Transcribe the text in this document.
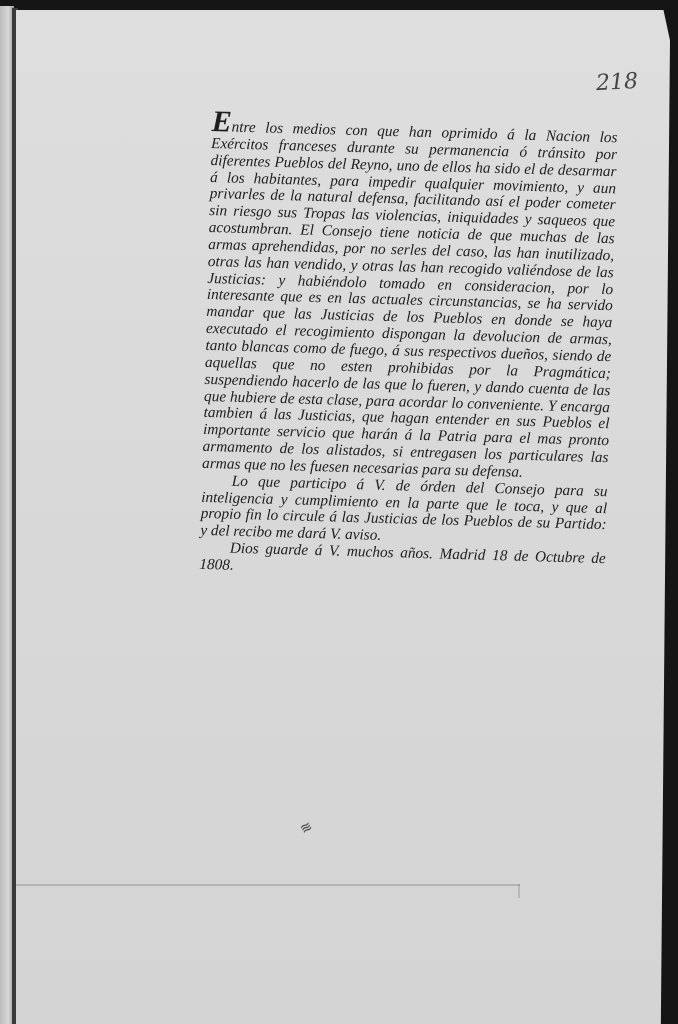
218

Entre los medios con que han oprimido á la Nacion los Exércitos franceses durante su permanencia ó tránsito por diferentes Pueblos del Reyno, uno de ellos ha sido el de desarmar á los habitantes, para impedir qualquier movimiento, y aun privarles de la natural defensa, facilitando así el poder cometer sin riesgo sus Tropas las violencias, iniquidades y saqueos que acostumbran. El Consejo tiene noticia de que muchas de las armas aprehendidas, por no serles del caso, las han inutilizado, otras las han vendido, y otras las han recogido valiéndose de las Justicias: y habiéndolo tomado en consideracion, por lo interesante que es en las actuales circunstancias, se ha servido mandar que las Justicias de los Pueblos en donde se haya executado el recogimiento dispongan la devolucion de armas, tanto blancas como de fuego, á sus respectivos dueños, siendo de aquellas que no esten prohibidas por la Pragmática; suspendiendo hacerlo de las que lo fueren, y dando cuenta de las que hubiere de esta clase, para acordar lo conveniente. Y encarga tambien á las Justicias, que hagan entender en sus Pueblos el importante servicio que harán á la Patria para el mas pronto armamento de los alistados, si entregasen los particulares las armas que no les fuesen necesarias para su defensa.

Lo que participo á V. de órden del Consejo para su inteligencia y cumplimiento en la parte que le toca, y que al propio fin lo circule á las Justicias de los Pueblos de su Partido: y del recibo me dará V. aviso.

Dios guarde á V. muchos años. Madrid 18 de Octubre de 1808.

≋
